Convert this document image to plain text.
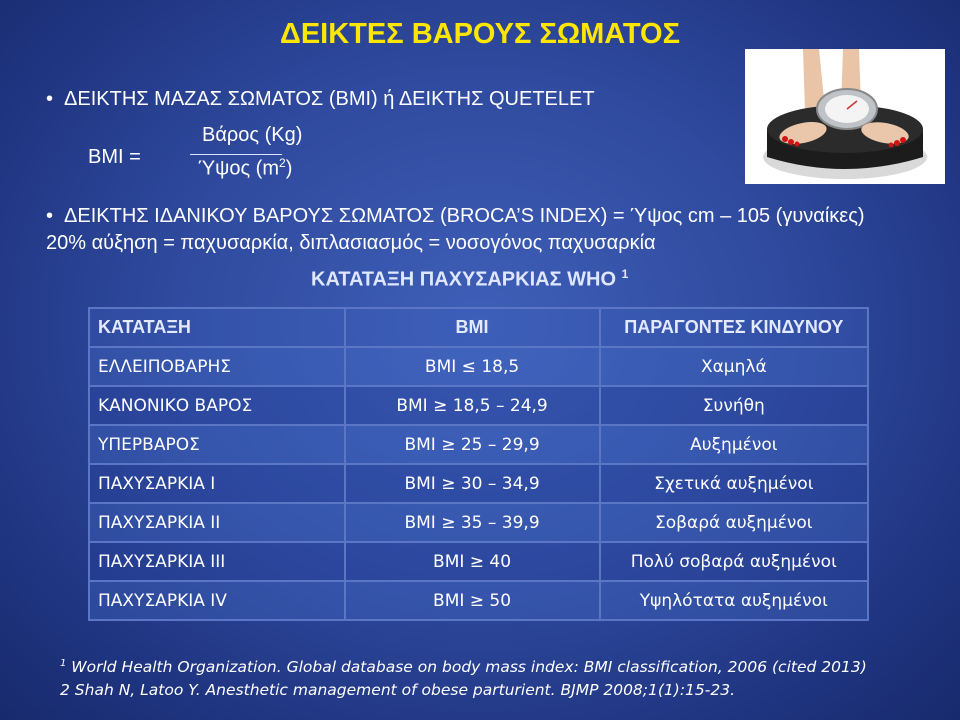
ΔΕΙΚΤΕΣ ΒΑΡΟΥΣ ΣΩΜΑΤΟΣ
• ΔΕΙΚΤΗΣ ΜΑΖΑΣ ΣΩΜΑΤΟΣ (BMI) ή ΔΕΙΚΤΗΣ QUETELET
BMI =
Βάρος (Kg)
Ύψος $(m^2)$
• ΔΕΙΚΤΗΣ ΙΔΑΝΙΚΟΥ ΒΑΡΟΥΣ ΣΩΜΑΤΟΣ (BROCA’S INDEX) = Ύψος cm – 105 (γυναίκες)
20% αύξηση = παχυσαρκία, διπλασιασμός = νοσογόνος παχυσαρκία
ΚΑΤΑΤΑΞΗ ΠΑΧΥΣΑΡΚΙΑΣ WHO $^1$
ΚΑΤΑΤΑΞΗ	BMI	ΠΑΡΑΓΟΝΤΕΣ ΚΙΝΔΥΝΟΥ
ΕΛΛΕΙΠΟΒΑΡΗΣ	BMI ≤ 18,5	Χαμηλά
ΚΑΝΟΝΙΚΟ ΒΑΡΟΣ	BMI ≥ 18,5 – 24,9	Συνήθη
ΥΠΕΡΒΑΡΟΣ	BMI ≥ 25 – 29,9	Αυξημένοι
ΠΑΧΥΣΑΡΚΙΑ Ι	BMI ≥ 30 – 34,9	Σχετικά αυξημένοι
ΠΑΧΥΣΑΡΚΙΑ ΙΙ	BMI ≥ 35 – 39,9	Σοβαρά αυξημένοι
ΠΑΧΥΣΑΡΚΙΑ ΙΙΙ	BMI ≥ 40	Πολύ σοβαρά αυξημένοι
ΠΑΧΥΣΑΡΚΙΑ IV	BMI ≥ 50	Υψηλότατα αυξημένοι
$^1$ World Health Organization. Global database on body mass index: BMI classification, 2006 (cited 2013)
2 Shah N, Latoo Y. Anesthetic management of obese parturient. BJMP 2008;1(1):15-23.
